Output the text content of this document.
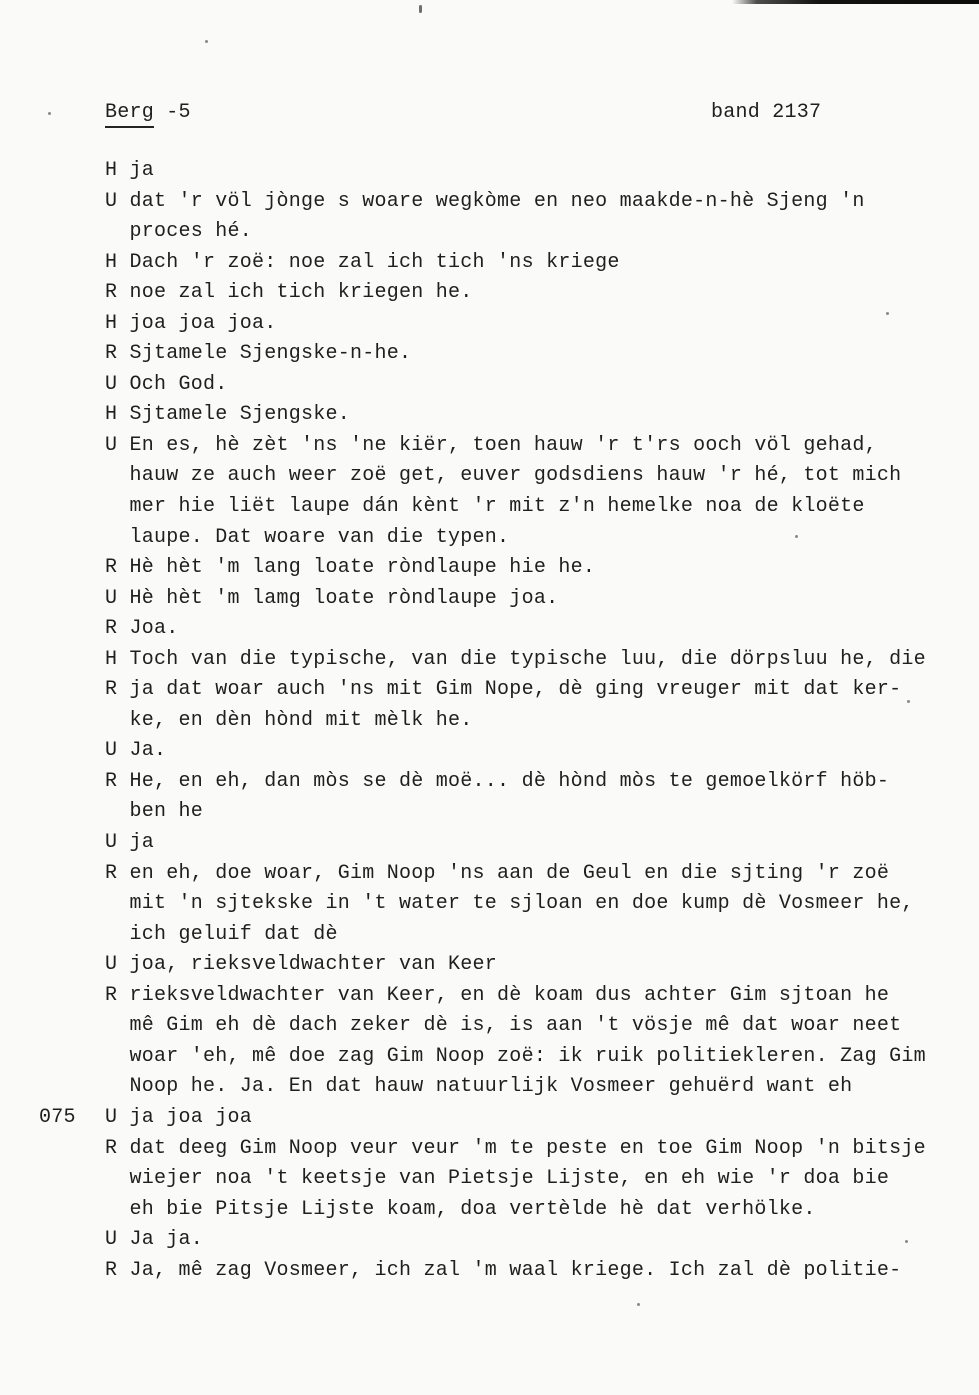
Berg -5	band 2137
H ja
U dat 'r völ jònge s woare wegkòme en neo maakde-n-hè Sjeng 'n
proces hé.
H Dach 'r zoë: noe zal ich tich 'ns kriege
R noe zal ich tich kriegen he.
H joa joa joa.
R Sjtamele Sjengske-n-he.
U Och God.
H Sjtamele Sjengske.
U En es, hè zèt 'ns 'ne kiër, toen hauw 'r t'rs ooch völ gehad,
hauw ze auch weer zoë get, euver godsdiens hauw 'r hé, tot mich
mer hie liët laupe dán kènt 'r mit z'n hemelke noa de kloëte
laupe. Dat woare van die typen.
R Hè hèt 'm lang loate ròndlaupe hie he.
U Hè hèt 'm lamg loate ròndlaupe joa.
R Joa.
H Toch van die typische, van die typische luu, die dörpsluu he, die
R ja dat woar auch 'ns mit Gim Nope, dè ging vreuger mit dat ker-
ke, en dèn hònd mit mèlk he.
U Ja.
R He, en eh, dan mòs se dè moë... dè hònd mòs te gemoelkörf höb-
ben he
U ja
R en eh, doe woar, Gim Noop 'ns aan de Geul en die sjting 'r zoë
mit 'n sjtekske in 't water te sjloan en doe kump dè Vosmeer he,
ich geluif dat dè
U joa, rieksveldwachter van Keer
R rieksveldwachter van Keer, en dè koam dus achter Gim sjtoan he
mê Gim eh dè dach zeker dè is, is aan 't vösje mê dat woar neet
woar 'eh, mê doe zag Gim Noop zoë: ik ruik politiekleren. Zag Gim
Noop he. Ja. En dat hauw natuurlijk Vosmeer gehuërd want eh
075	U ja joa joa
R dat deeg Gim Noop veur veur 'm te peste en toe Gim Noop 'n bitsje
wiejer noa 't keetsje van Pietsje Lijste, en eh wie 'r doa bie
eh bie Pitsje Lijste koam, doa vertèlde hè dat verhölke.
U Ja ja.
R Ja, mê zag Vosmeer, ich zal 'm waal kriege. Ich zal dè politie-
